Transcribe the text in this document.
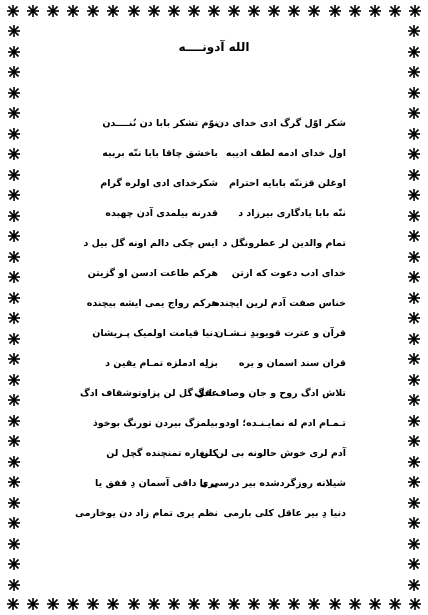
الله آدونــــه
شکر اوّل گرگ ادی خدای دن
نوّم تشکر بابا دن نُنــــدن
اول خدای ادمه لطف ادیبه
باخشق چاقا بابا ننّه برببه
اوغلن قزننّه بابایه احترام
شکرخدای ادی اولره گرام
ننّه بابا یادگاری بیرزاد د
قدرنه بیلمدی آدن چهبده
تمام والدین لر عطرونگل د
ایس چکی دالم اونه گل بیل د
خدای ادب دعوت که ازتن
هرکم طاعت ادسن او گزیتن
خناس صفت آدم لرین ایچنده
هرکم رواج یمی ایشه بیچنده
قرآن و عترت قویوبدِ نـشـان
دنیا قیامت اولمیک پـریشان
قران سند اسمان و یره
بزلِه ادملزه تمـام یقین د
تلاش ادگ روح و جان وصاف ادگ
عقل گل لن پزاوتوشقاف ادگ
تـمـام ادم له نمایـنـده؛ اودو
بیلمزگ بیردن تورنگ بوخوذ
آدم لری خوش حالونه بی لن لن
کلنغاره تمنچنده گچل لن
شیلانه روزگردشده بیر درسی یا
یری داقی آسمان دِ قفق یا
دنیا دِ بیر عاقل کلی بارمی
نظم یری تمام زاد دن یوخارمی
